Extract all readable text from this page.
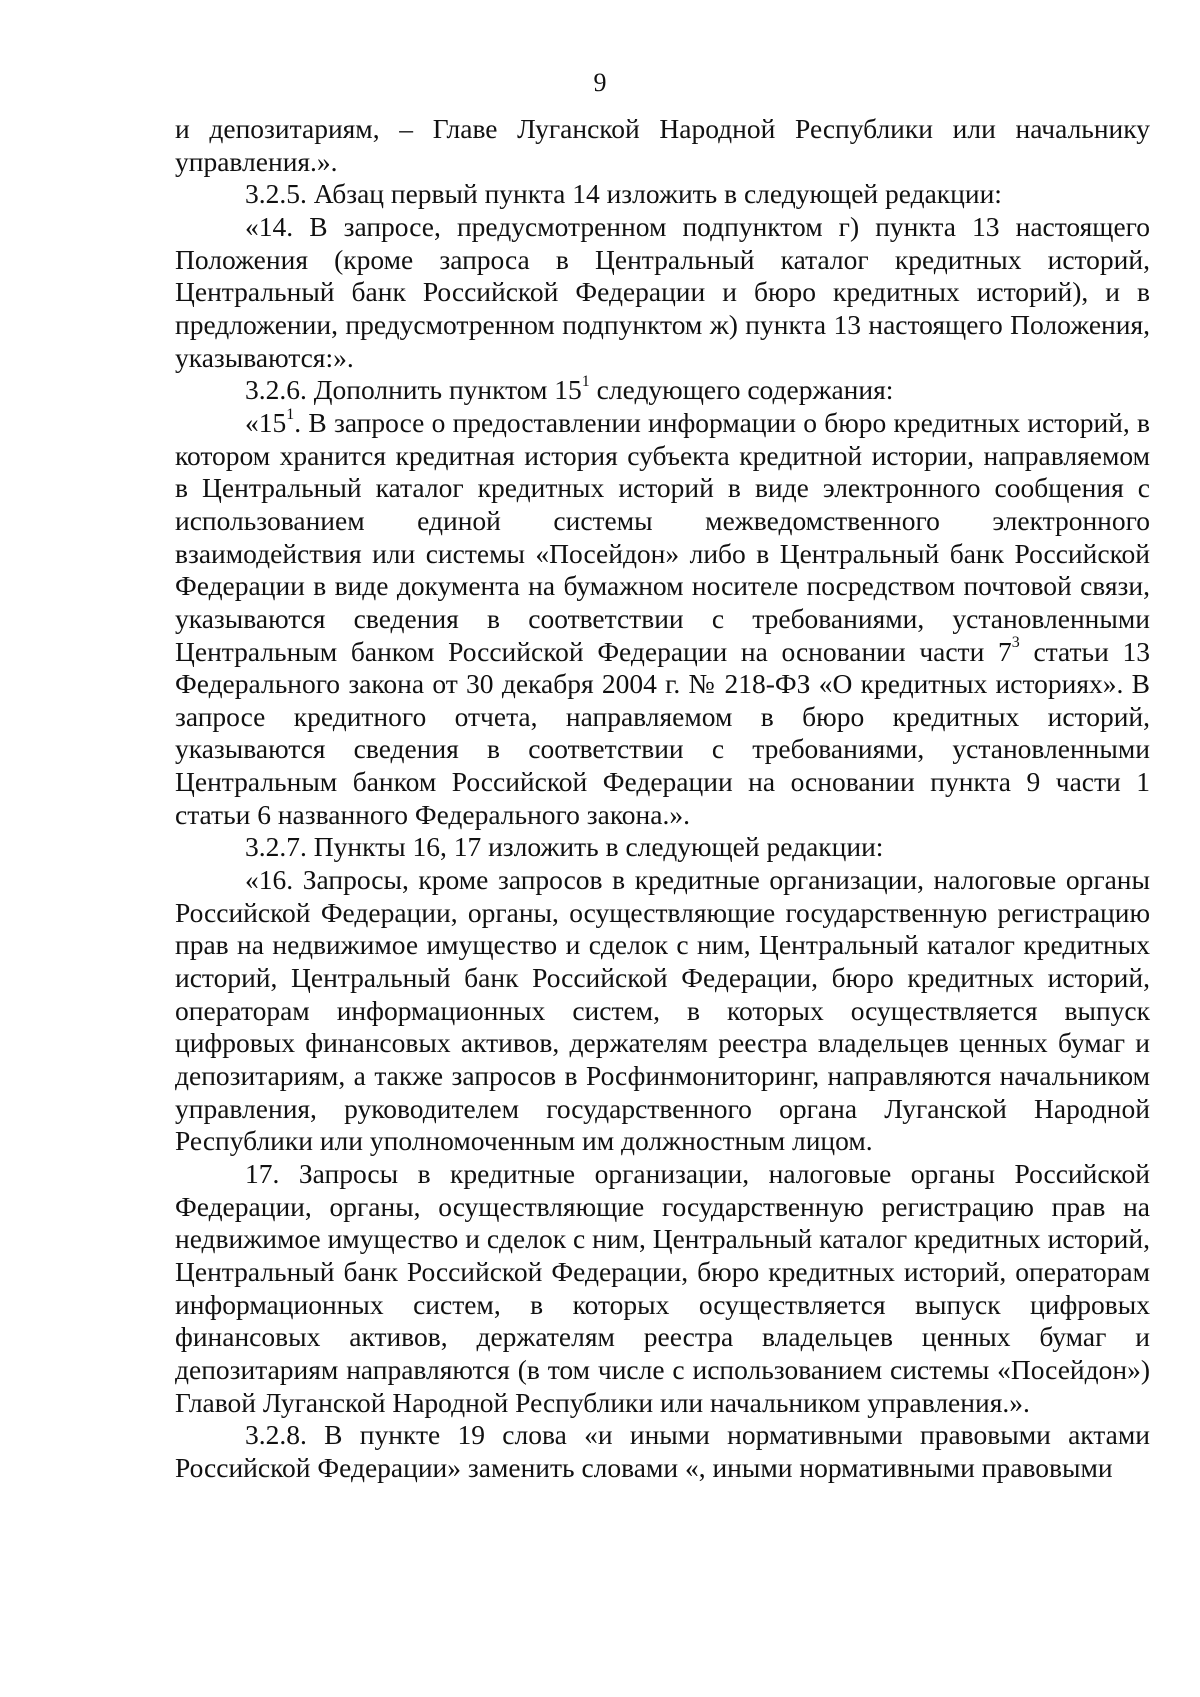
9

и депозитариям, – Главе Луганской Народной Республики или начальнику управления.».

3.2.5. Абзац первый пункта 14 изложить в следующей редакции:

«14. В запросе, предусмотренном подпунктом г) пункта 13 настоящего Положения (кроме запроса в Центральный каталог кредитных историй, Центральный банк Российской Федерации и бюро кредитных историй), и в предложении, предусмотренном подпунктом ж) пункта 13 настоящего Положения, указываются:».

3.2.6. Дополнить пунктом $15^1$ следующего содержания:

«$15^1$. В запросе о предоставлении информации о бюро кредитных историй, в котором хранится кредитная история субъекта кредитной истории, направляемом в Центральный каталог кредитных историй в виде электронного сообщения с использованием единой системы межведомственного электронного взаимодействия или системы «Посейдон» либо в Центральный банк Российской Федерации в виде документа на бумажном носителе посредством почтовой связи, указываются сведения в соответствии с требованиями, установленными Центральным банком Российской Федерации на основании части $7^3$ статьи 13 Федерального закона от 30 декабря 2004 г. № 218-ФЗ «О кредитных историях». В запросе кредитного отчета, направляемом в бюро кредитных историй, указываются сведения в соответствии с требованиями, установленными Центральным банком Российской Федерации на основании пункта 9 части 1 статьи 6 названного Федерального закона.».

3.2.7. Пункты 16, 17 изложить в следующей редакции:

«16. Запросы, кроме запросов в кредитные организации, налоговые органы Российской Федерации, органы, осуществляющие государственную регистрацию прав на недвижимое имущество и сделок с ним, Центральный каталог кредитных историй, Центральный банк Российской Федерации, бюро кредитных историй, операторам информационных систем, в которых осуществляется выпуск цифровых финансовых активов, держателям реестра владельцев ценных бумаг и депозитариям, а также запросов в Росфинмониторинг, направляются начальником управления, руководителем государственного органа Луганской Народной Республики или уполномоченным им должностным лицом.

17. Запросы в кредитные организации, налоговые органы Российской Федерации, органы, осуществляющие государственную регистрацию прав на недвижимое имущество и сделок с ним, Центральный каталог кредитных историй, Центральный банк Российской Федерации, бюро кредитных историй, операторам информационных систем, в которых осуществляется выпуск цифровых финансовых активов, держателям реестра владельцев ценных бумаг и депозитариям направляются (в том числе с использованием системы «Посейдон») Главой Луганской Народной Республики или начальником управления.».

3.2.8. В пункте 19 слова «и иными нормативными правовыми актами Российской Федерации» заменить словами «, иными нормативными правовыми
